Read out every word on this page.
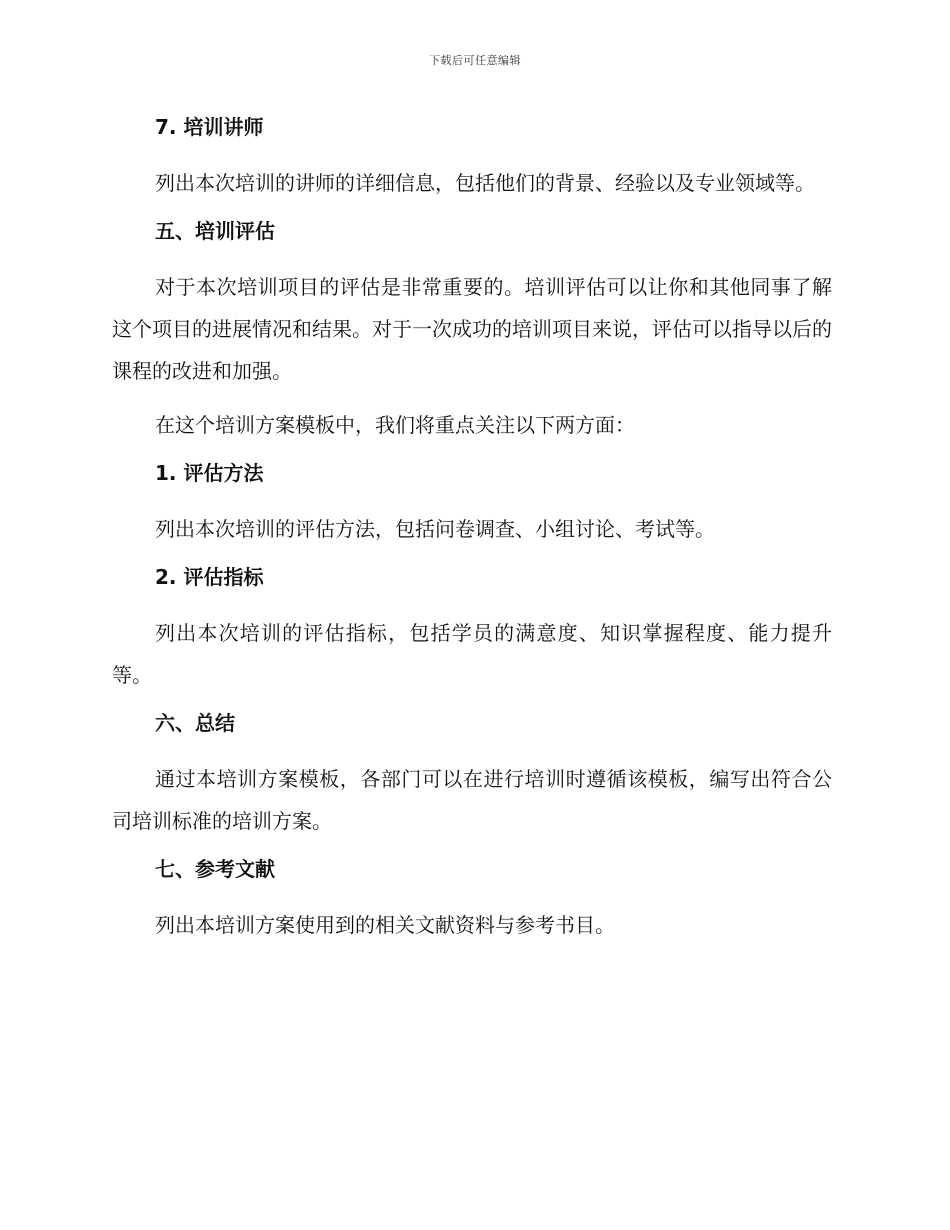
下载后可任意编辑
7. 培训讲师

列出本次培训的讲师的详细信息，包括他们的背景、经验以及专业领域等。

五、培训评估

对于本次培训项目的评估是非常重要的。培训评估可以让你和其他同事了解这个项目的进展情况和结果。对于一次成功的培训项目来说，评估可以指导以后的课程的改进和加强。

在这个培训方案模板中，我们将重点关注以下两方面：

1. 评估方法

列出本次培训的评估方法，包括问卷调查、小组讨论、考试等。

2. 评估指标

列出本次培训的评估指标，包括学员的满意度、知识掌握程度、能力提升等。

六、总结

通过本培训方案模板，各部门可以在进行培训时遵循该模板，编写出符合公司培训标准的培训方案。

七、参考文献

列出本培训方案使用到的相关文献资料与参考书目。
